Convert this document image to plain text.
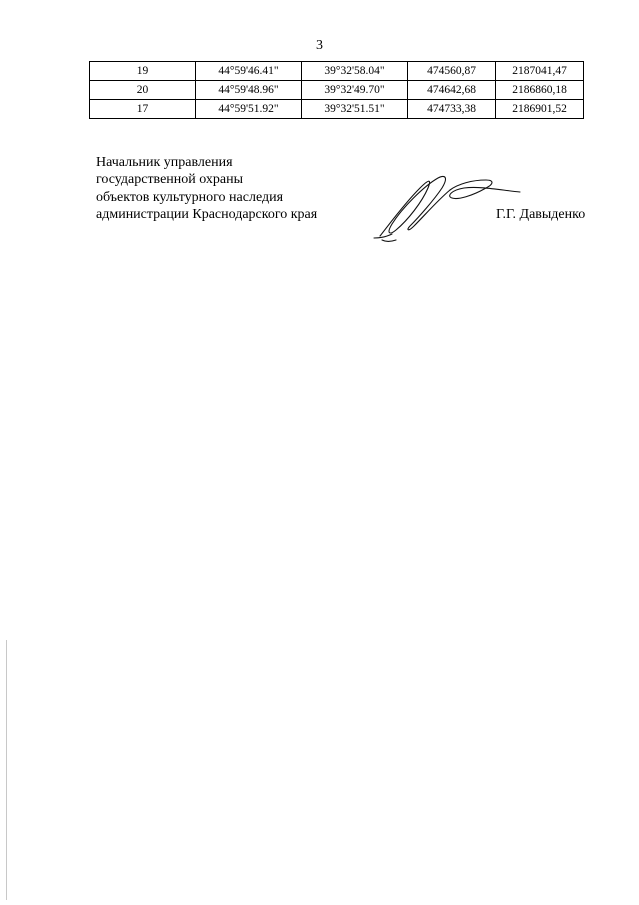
3
19	44°59'46.41"	39°32'58.04"	474560,87	2187041,47
20	44°59'48.96"	39°32'49.70"	474642,68	2186860,18
17	44°59'51.92"	39°32'51.51"	474733,38	2186901,52
Начальник управления
государственной охраны
объектов культурного наследия
администрации Краснодарского края	Г.Г. Давыденко
